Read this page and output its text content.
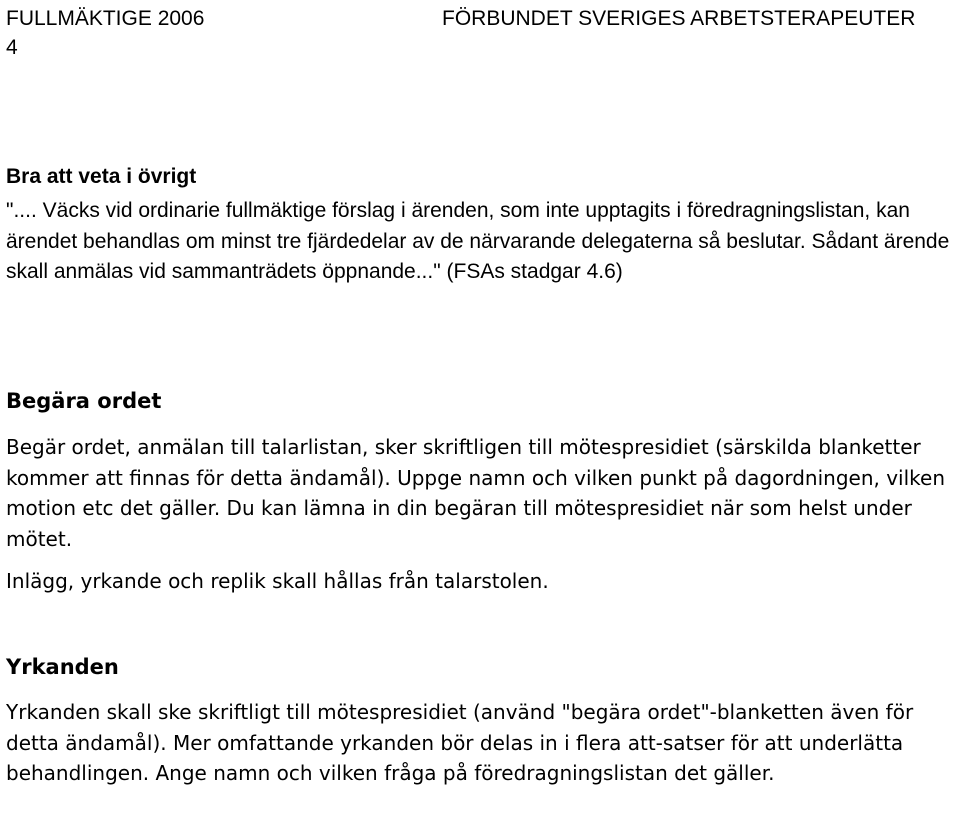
FULLMÄKTIGE 2006	FÖRBUNDET SVERIGES ARBETSTERAPEUTER
4
Bra att veta i övrigt

".... Väcks vid ordinarie fullmäktige förslag i ärenden, som inte upptagits i föredragningslistan, kan ärendet behandlas om minst tre fjärdedelar av de närvarande delegaterna så beslutar. Sådant ärende skall anmälas vid sammanträdets öppnande..." (FSAs stadgar 4.6)

Begära ordet

Begär ordet, anmälan till talarlistan, sker skriftligen till mötespresidiet (särskilda blanketter kommer att finnas för detta ändamål). Uppge namn och vilken punkt på dagordningen, vilken motion etc det gäller. Du kan lämna in din begäran till mötespresidiet när som helst under mötet.

Inlägg, yrkande och replik skall hållas från talarstolen.

Yrkanden

Yrkanden skall ske skriftligt till mötespresidiet (använd "begära ordet"-blanketten även för detta ändamål). Mer omfattande yrkanden bör delas in i flera att-satser för att underlätta behandlingen. Ange namn och vilken fråga på föredragningslistan det gäller.
